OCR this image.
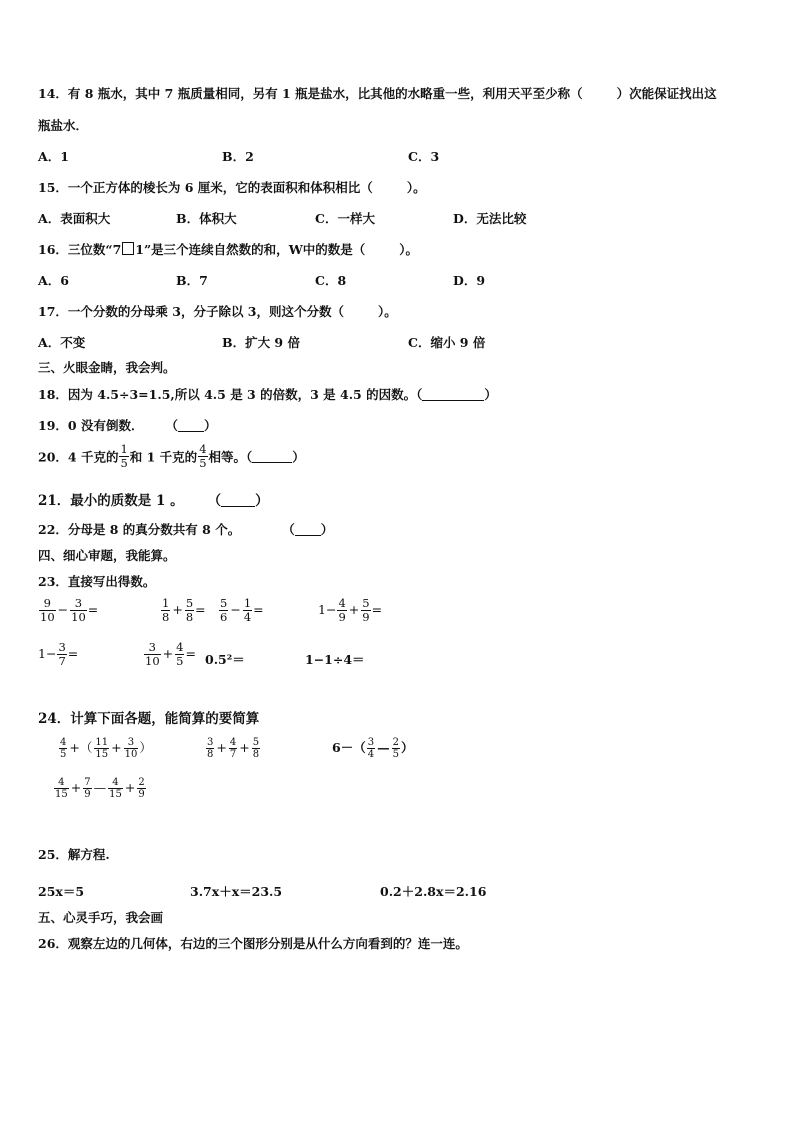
14．有 8 瓶水，其中 7 瓶质量相同，另有 1 瓶是盐水，比其他的水略重一些，利用天平至少称（	）次能保证找出这
瓶盐水．
A．1	B．2	C．3
15．一个正方体的棱长为 6 厘米，它的表面积和体积相比（	）。
A．表面积大	B．体积大	C．一样大	D．无法比较
16．三位数“7 1”是三个连续自然数的和，W中的数是（	）。
A．6	B．7	C．8	D．9
17．一个分数的分母乘 3，分子除以 3，则这个分数（	）。
A．不变	B．扩大 9 倍	C．缩小 9 倍
三、火眼金睛，我会判。
18．因为 4.5÷3=1.5,所以 4.5 是 3 的倍数，3 是 4.5 的因数。（	）
19．0 没有倒数． （ ）
20．4 千克的 $\frac{1}{5}$ 和 1 千克的 $\frac{4}{5}$ 相等。（	）
21．最小的质数是 1 。 （	）
22．分母是 8 的真分数共有 8 个。	（ ）
四、细心审题，我能算。
23．直接写出得数。
$\frac{9}{10} - \frac{3}{10}$ =	$\frac{1}{8} + \frac{5}{8} = \frac{5}{6} - \frac{1}{4}$ =	$1- \frac{4}{9} + \frac{5}{9}$ =
$1- \frac{3}{7}$ =	$\frac{3}{10} + \frac{4}{5} = 0.5^2=$	1−1÷4＝
24．计算下面各题，能简算的要简算
$\frac{4}{5}$ +（ $\frac{11}{15} + \frac{3}{10}$ ）	$\frac{3}{8} + \frac{4}{7} + \frac{5}{8}$	$6-( \frac{3}{4}$ — $\frac{2}{5}$ ）
$\frac{4}{15} + \frac{7}{9}$ — $\frac{4}{15} + \frac{2}{9}$
25．解方程.
25x＝5	3.7x＋x＝23.5	0.2＋2.8x＝2.16
五、心灵手巧，我会画
26．观察左边的几何体，右边的三个图形分别是从什么方向看到的？连一连。
